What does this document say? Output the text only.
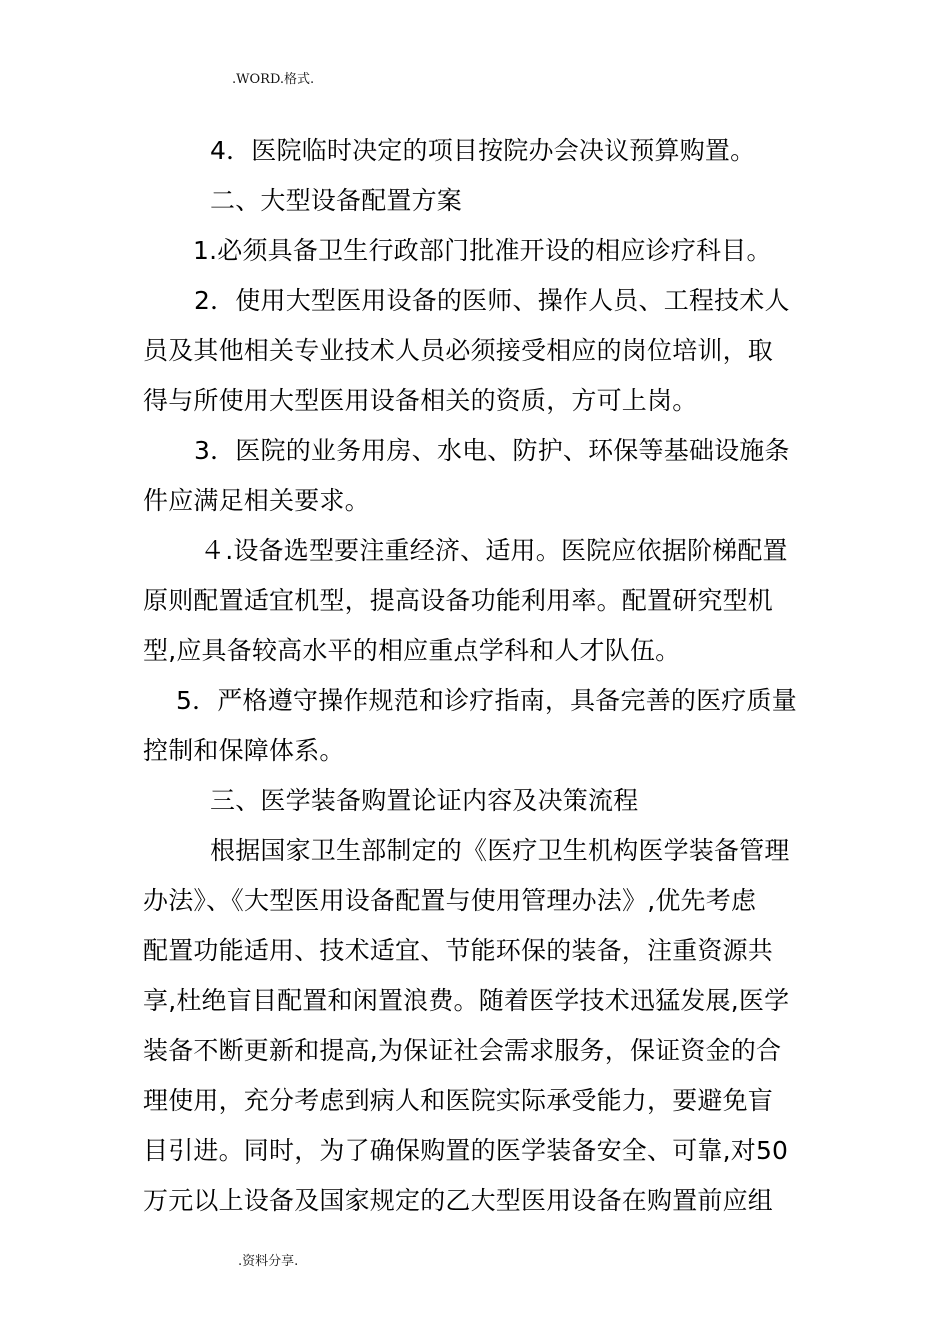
.WORD.格式.
4．医院临时决定的项目按院办会决议预算购置。
二、大型设备配置方案
1.必须具备卫生行政部门批准开设的相应诊疗科目。
2．使用大型医用设备的医师、操作人员、工程技术人
员及其他相关专业技术人员必须接受相应的岗位培训，取
得与所使用大型医用设备相关的资质，方可上岗。
3．医院的业务用房、水电、防护、环保等基础设施条
件应满足相关要求。
４.设备选型要注重经济、适用。医院应依据阶梯配置
原则配置适宜机型，提高设备功能利用率。配置研究型机
型,应具备较高水平的相应重点学科和人才队伍。
5．严格遵守操作规范和诊疗指南，具备完善的医疗质量
控制和保障体系。
三、医学装备购置论证内容及决策流程
根据国家卫生部制定的《医疗卫生机构医学装备管理
办法》、《大型医用设备配置与使用管理办法》,优先考虑
配置功能适用、技术适宜、节能环保的装备，注重资源共
享,杜绝盲目配置和闲置浪费。随着医学技术迅猛发展,医学
装备不断更新和提高,为保证社会需求服务，保证资金的合
理使用，充分考虑到病人和医院实际承受能力，要避免盲
目引进。同时，为了确保购置的医学装备安全、可靠,对50
万元以上设备及国家规定的乙大型医用设备在购置前应组
.资料分享.
